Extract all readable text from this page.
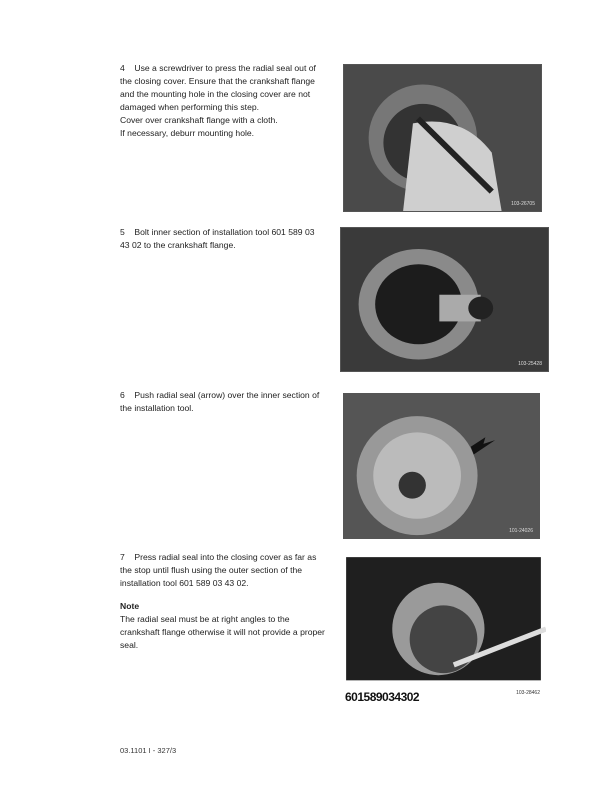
4 Use a screwdriver to press the radial seal out of the closing cover. Ensure that the crankshaft flange and the mounting hole in the closing cover are not damaged when performing this step.

Cover over crankshaft flange with a cloth.

If necessary, deburr mounting hole.

5 Bolt inner section of installation tool 601 589 03 43 02 to the crankshaft flange.

6 Push radial seal (arrow) over the inner section of the installation tool.

7 Press radial seal into the closing cover as far as the stop until flush using the outer section of the installation tool 601 589 03 43 02.

Note

The radial seal must be at right angles to the crankshaft flange otherwise it will not provide a proper seal.

103-26705
103-25428
101-24026
601589034302	103-28462
03.1101 I - 327/3
